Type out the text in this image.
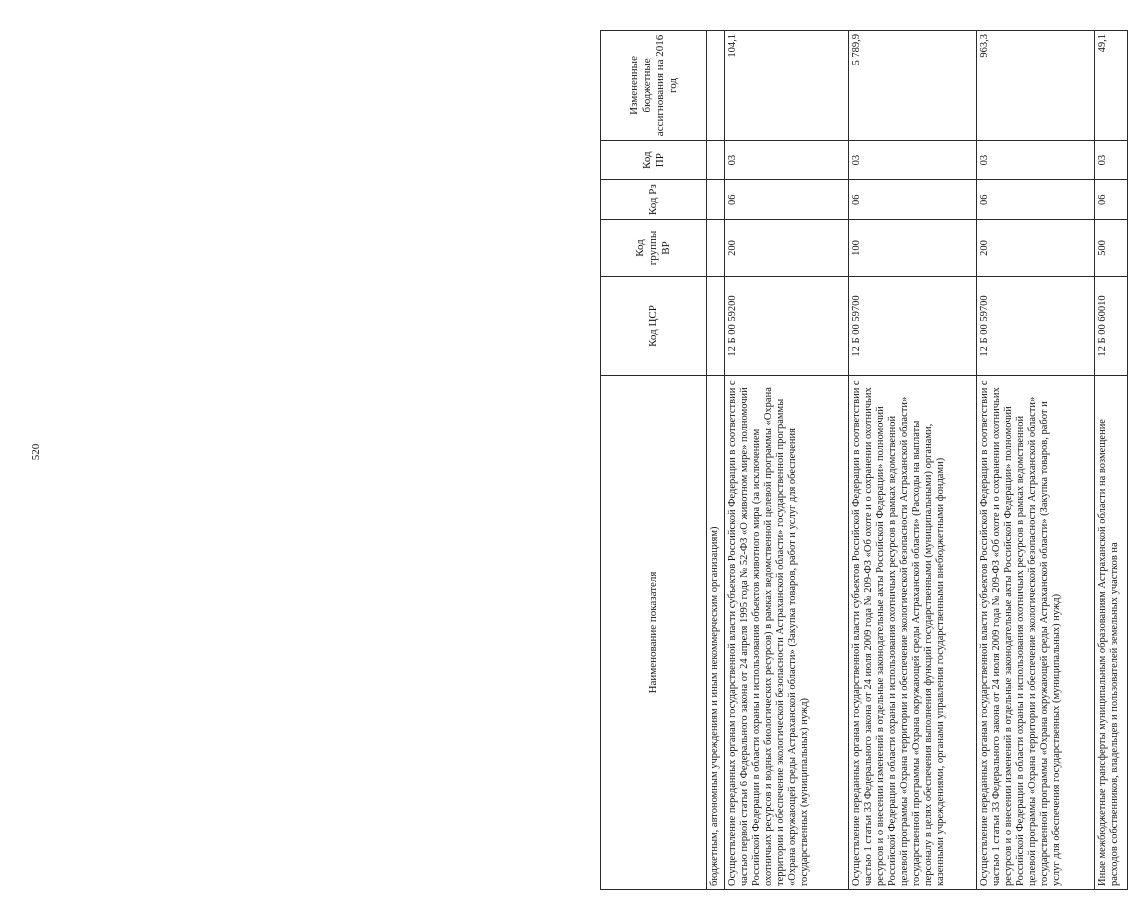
520
Наименование показателя	Код ЦСР	Код группы ВР	Код Рз	Код ПР	Измененные бюджетные ассигнования на 2016 год
бюджетным, автономным учреждениям и иным некоммерческим организациям)					
Осуществление переданных органам государственной власти субъектов Российской Федерации в соответствии с частью первой статьи 6 Федерального закона от 24 апреля 1995 года № 52-ФЗ «О животном мире» полномочий Российской Федерации в области охраны и использования объектов животного мира (за исключением охотничьих ресурсов и водных биологических ресурсов) в рамках ведомственной целевой программы «Охрана территории и обеспечение экологической безопасности Астраханской области» государственной программы «Охрана окружающей среды Астраханской области» (Закупка товаров, работ и услуг для обеспечения государственных (муниципальных) нужд)	12 Б 00 59200	200	06	03	104,1
Осуществление переданных органам государственной власти субъектов Российской Федерации в соответствии с частью 1 статьи 33 Федерального закона от 24 июля 2009 года № 209-ФЗ «Об охоте и о сохранении охотничьих ресурсов и о внесении изменений в отдельные законодательные акты Российской Федерации» полномочий Российской Федерации в области охраны и использования охотничьих ресурсов в рамках ведомственной целевой программы «Охрана территории и обеспечение экологической безопасности Астраханской области» государственной программы «Охрана окружающей среды Астраханской области» (Расходы на выплаты персоналу в целях обеспечения выполнения функций государственными (муниципальными) органами, казенными учреждениями, органами управления государственными внебюджетными фондами)	12 Б 00 59700	100	06	03	5 789,9
Осуществление переданных органам государственной власти субъектов Российской Федерации в соответствии с частью 1 статьи 33 Федерального закона от 24 июля 2009 года № 209-ФЗ «Об охоте и о сохранении охотничьих ресурсов и о внесении изменений в отдельные законодательные акты Российской Федерации» полномочий Российской Федерации в области охраны и использования охотничьих ресурсов в рамках ведомственной целевой программы «Охрана территории и обеспечение экологической безопасности Астраханской области» государственной программы «Охрана окружающей среды Астраханской области» (Закупка товаров, работ и услуг для обеспечения государственных (муниципальных) нужд)	12 Б 00 59700	200	06	03	963,3
Иные межбюджетные трансферты муниципальным образованиям Астраханской области на возмещение расходов собственников, владельцев и пользователей земельных участков на	12 Б 00 60010	500	06	03	49,1
